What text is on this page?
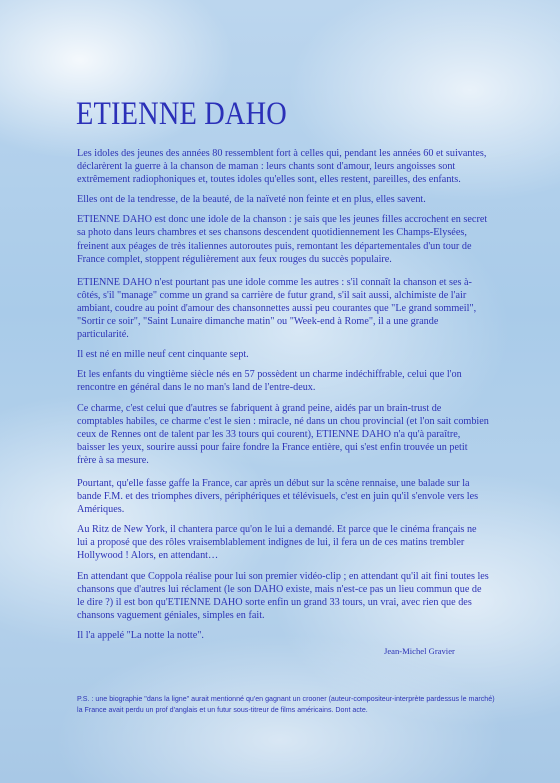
ETIENNE DAHO

Les idoles des jeunes des années 80 ressemblent fort à celles qui, pendant les années 60 et suivantes, déclarèrent la guerre à la chanson de maman : leurs chants sont d'amour, leurs angoisses sont extrêmement radiophoniques et, toutes idoles qu'elles sont, elles restent, pareilles, des enfants.

Elles ont de la tendresse, de la beauté, de la naïveté non feinte et en plus, elles savent.

ETIENNE DAHO est donc une idole de la chanson : je sais que les jeunes filles accrochent en secret sa photo dans leurs chambres et ses chansons descendent quotidiennement les Champs-Elysées, freinent aux péages de très italiennes autoroutes puis, remontant les départementales d'un tour de France complet, stoppent régulièrement aux feux rouges du succès populaire.

ETIENNE DAHO n'est pourtant pas une idole comme les autres : s'il connaît la chanson et ses à-côtés, s'il "manage" comme un grand sa carrière de futur grand, s'il sait aussi, alchimiste de l'air ambiant, coudre au point d'amour des chansonnettes aussi peu courantes que "Le grand sommeil", "Sortir ce soir", "Saint Lunaire dimanche matin" ou "Week-end à Rome", il a une grande particularité.

Il est né en mille neuf cent cinquante sept.

Et les enfants du vingtième siècle nés en 57 possèdent un charme indéchiffrable, celui que l'on rencontre en général dans le no man's land de l'entre-deux.

Ce charme, c'est celui que d'autres se fabriquent à grand peine, aidés par un brain-trust de comptables habiles, ce charme c'est le sien : miracle, né dans un chou provincial (et l'on sait combien ceux de Rennes ont de talent par les 33 tours qui courent), ETIENNE DAHO n'a qu'à paraître, baisser les yeux, sourire aussi pour faire fondre la France entière, qui s'est enfin trouvée un petit frère à sa mesure.

Pourtant, qu'elle fasse gaffe la France, car après un début sur la scène rennaise, une balade sur la bande F.M. et des triomphes divers, périphériques et télévisuels, c'est en juin qu'il s'envole vers les Amériques.

Au Ritz de New York, il chantera parce qu'on le lui a demandé. Et parce que le cinéma français ne lui a proposé que des rôles vraisemblablement indignes de lui, il fera un de ces matins trembler Hollywood ! Alors, en attendant…

En attendant que Coppola réalise pour lui son premier vidéo-clip ; en attendant qu'il ait fini toutes les chansons que d'autres lui réclament (le son DAHO existe, mais n'est-ce pas un lieu commun que de le dire ?) il est bon qu'ETIENNE DAHO sorte enfin un grand 33 tours, un vrai, avec rien que des chansons vaguement géniales, simples en fait.

Il l'a appelé "La notte la notte".

Jean-Michel Gravier
P.S. : une biographie "dans la ligne" aurait mentionné qu'en gagnant un crooner (auteur-compositeur-interprète pardessus le marché) la France avait perdu un prof d'anglais et un futur sous-titreur de films américains. Dont acte.
